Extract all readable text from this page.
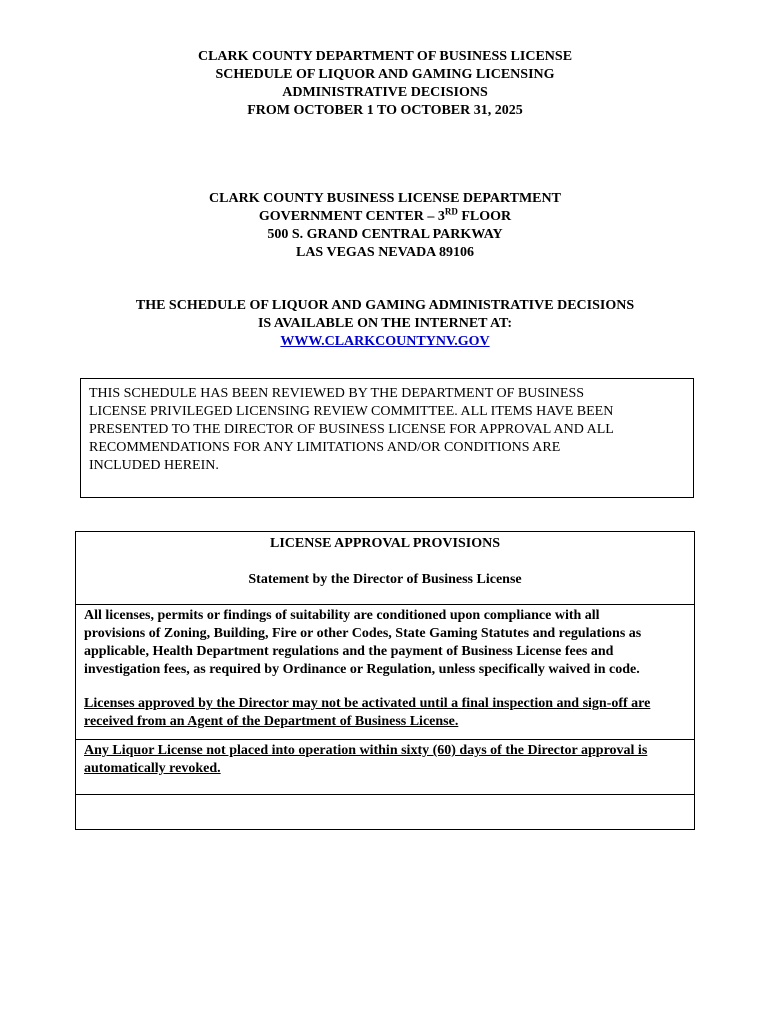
CLARK COUNTY DEPARTMENT OF BUSINESS LICENSE
SCHEDULE OF LIQUOR AND GAMING LICENSING
ADMINISTRATIVE DECISIONS
FROM OCTOBER 1 TO OCTOBER 31, 2025
CLARK COUNTY BUSINESS LICENSE DEPARTMENT
GOVERNMENT CENTER – 3RD FLOOR
500 S. GRAND CENTRAL PARKWAY
LAS VEGAS NEVADA 89106
THE SCHEDULE OF LIQUOR AND GAMING ADMINISTRATIVE DECISIONS
IS AVAILABLE ON THE INTERNET AT:
WWW.CLARKCOUNTYNV.GOV
THIS SCHEDULE HAS BEEN REVIEWED BY THE DEPARTMENT OF BUSINESS
LICENSE PRIVILEGED LICENSING REVIEW COMMITTEE. ALL ITEMS HAVE BEEN
PRESENTED TO THE DIRECTOR OF BUSINESS LICENSE FOR APPROVAL AND ALL
RECOMMENDATIONS FOR ANY LIMITATIONS AND/OR CONDITIONS ARE
INCLUDED HEREIN.
LICENSE APPROVAL PROVISIONS
Statement by the Director of Business License
All licenses, permits or findings of suitability are conditioned upon compliance with all
provisions of Zoning, Building, Fire or other Codes, State Gaming Statutes and regulations as
applicable, Health Department regulations and the payment of Business License fees and
investigation fees, as required by Ordinance or Regulation, unless specifically waived in code.
Licenses approved by the Director may not be activated until a final inspection and sign-off are
received from an Agent of the Department of Business License.
Any Liquor License not placed into operation within sixty (60) days of the Director approval is
automatically revoked.
